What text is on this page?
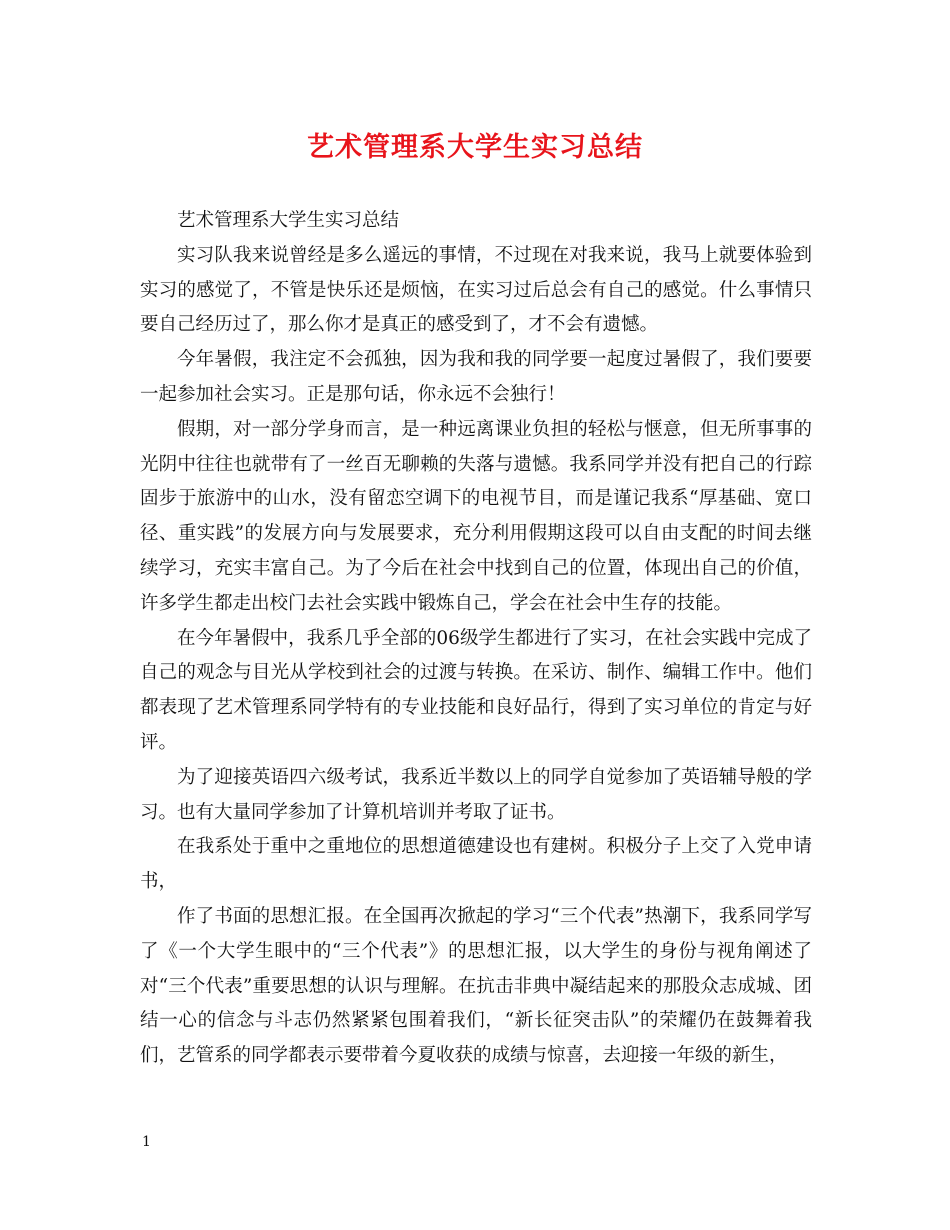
艺术管理系大学生实习总结

艺术管理系大学生实习总结

实习队我来说曾经是多么遥远的事情，不过现在对我来说，我马上就要体验到实习的感觉了，不管是快乐还是烦恼，在实习过后总会有自己的感觉。什么事情只要自己经历过了，那么你才是真正的感受到了，才不会有遗憾。

今年暑假，我注定不会孤独，因为我和我的同学要一起度过暑假了，我们要要一起参加社会实习。正是那句话，你永远不会独行！

假期，对一部分学身而言，是一种远离课业负担的轻松与惬意，但无所事事的光阴中往往也就带有了一丝百无聊赖的失落与遗憾。我系同学并没有把自己的行踪固步于旅游中的山水，没有留恋空调下的电视节目，而是谨记我系“厚基础、宽口径、重实践”的发展方向与发展要求，充分利用假期这段可以自由支配的时间去继续学习，充实丰富自己。为了今后在社会中找到自己的位置，体现出自己的价值，许多学生都走出校门去社会实践中锻炼自己，学会在社会中生存的技能。

在今年暑假中，我系几乎全部的06级学生都进行了实习，在社会实践中完成了自己的观念与目光从学校到社会的过渡与转换。在采访、制作、编辑工作中。他们都表现了艺术管理系同学特有的专业技能和良好品行，得到了实习单位的肯定与好评。

为了迎接英语四六级考试，我系近半数以上的同学自觉参加了英语辅导般的学习。也有大量同学参加了计算机培训并考取了证书。

在我系处于重中之重地位的思想道德建设也有建树。积极分子上交了入党申请书，

作了书面的思想汇报。在全国再次掀起的学习“三个代表”热潮下，我系同学写了《一个大学生眼中的“三个代表”》的思想汇报，以大学生的身份与视角阐述了对“三个代表”重要思想的认识与理解。在抗击非典中凝结起来的那股众志成城、团结一心的信念与斗志仍然紧紧包围着我们，“新长征突击队”的荣耀仍在鼓舞着我们，艺管系的同学都表示要带着今夏收获的成绩与惊喜，去迎接一年级的新生，

1
